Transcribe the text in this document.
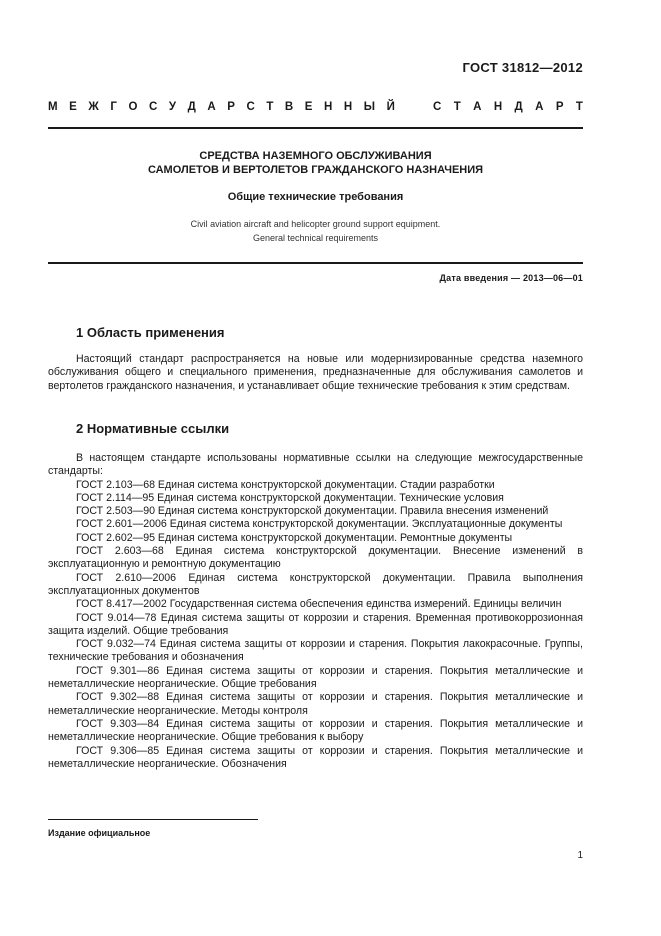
ГОСТ 31812—2012
М Е Ж Г О С У Д А Р С Т В Е Н Н Ы Й	С Т А Н Д А Р Т
СРЕДСТВА НАЗЕМНОГО ОБСЛУЖИВАНИЯ
САМОЛЕТОВ И ВЕРТОЛЕТОВ ГРАЖДАНСКОГО НАЗНАЧЕНИЯ
Общие технические требования
Civil aviation aircraft and helicopter ground support equipment.
General technical requirements
Дата введения — 2013—06—01
1 Область применения
Настоящий стандарт распространяется на новые или модернизированные средства наземного обслуживания общего и специального применения, предназначенные для обслуживания самолетов и вертолетов гражданского назначения, и устанавливает общие технические требования к этим средствам.
2 Нормативные ссылки

В настоящем стандарте использованы нормативные ссылки на следующие межгосударственные стандарты:

ГОСТ 2.103—68 Единая система конструкторской документации. Стадии разработки

ГОСТ 2.114—95 Единая система конструкторской документации. Технические условия

ГОСТ 2.503—90 Единая система конструкторской документации. Правила внесения изменений

ГОСТ 2.601—2006 Единая система конструкторской документации. Эксплуатационные документы

ГОСТ 2.602—95 Единая система конструкторской документации. Ремонтные документы

ГОСТ 2.603—68 Единая система конструкторской документации. Внесение изменений в эксплуатационную и ремонтную документацию

ГОСТ 2.610—2006 Единая система конструкторской документации. Правила выполнения эксплуатационных документов

ГОСТ 8.417—2002 Государственная система обеспечения единства измерений. Единицы величин

ГОСТ 9.014—78 Единая система защиты от коррозии и старения. Временная противокоррозионная защита изделий. Общие требования

ГОСТ 9.032—74 Единая система защиты от коррозии и старения. Покрытия лакокрасочные. Группы, технические требования и обозначения

ГОСТ 9.301—86 Единая система защиты от коррозии и старения. Покрытия металлические и неметаллические неорганические. Общие требования

ГОСТ 9.302—88 Единая система защиты от коррозии и старения. Покрытия металлические и неметаллические неорганические. Методы контроля

ГОСТ 9.303—84 Единая система защиты от коррозии и старения. Покрытия металлические и неметаллические неорганические. Общие требования к выбору

ГОСТ 9.306—85 Единая система защиты от коррозии и старения. Покрытия металлические и неметаллические неорганические. Обозначения

Издание официальное
1
